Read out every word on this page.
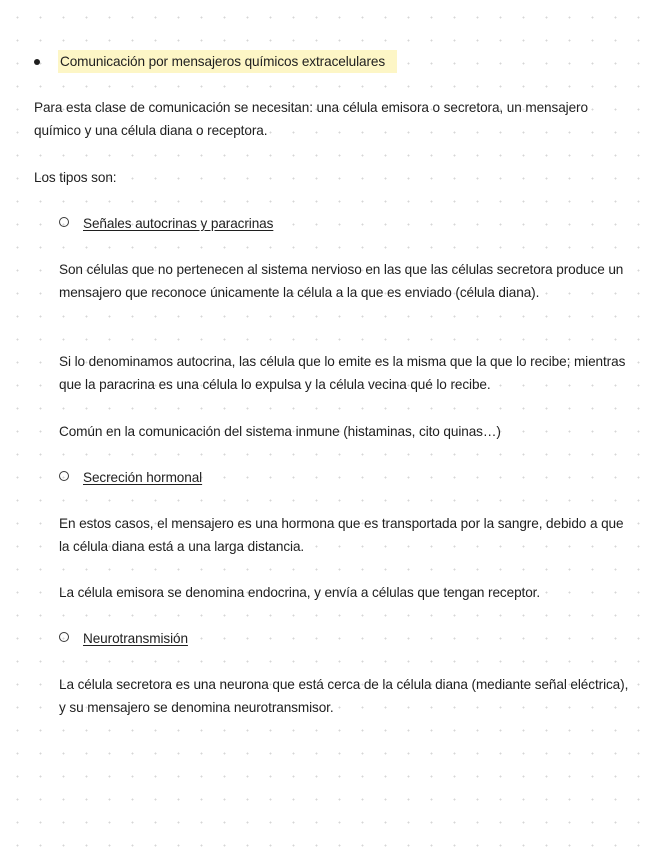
Comunicación por mensajeros químicos extracelulares

Para esta clase de comunicación se necesitan: una célula emisora o secretora, un mensajero químico y una célula diana o receptora.

Los tipos son:

Señales autocrinas y paracrinas

Son células que no pertenecen al sistema nervioso en las que las células secretora produce un mensajero que reconoce únicamente la célula a la que es enviado (célula diana).

Si lo denominamos autocrina, las célula que lo emite es la misma que la que lo recibe; mientras que la paracrina es una célula lo expulsa y la célula vecina qué lo recibe.

Común en la comunicación del sistema inmune (histaminas, cito quinas…)

Secreción hormonal

En estos casos, el mensajero es una hormona que es transportada por la sangre, debido a que la célula diana está a una larga distancia.

La célula emisora se denomina endocrina, y envía a células que tengan receptor.

Neurotransmisión

La célula secretora es una neurona que está cerca de la célula diana (mediante señal eléctrica), y su mensajero se denomina neurotransmisor.
